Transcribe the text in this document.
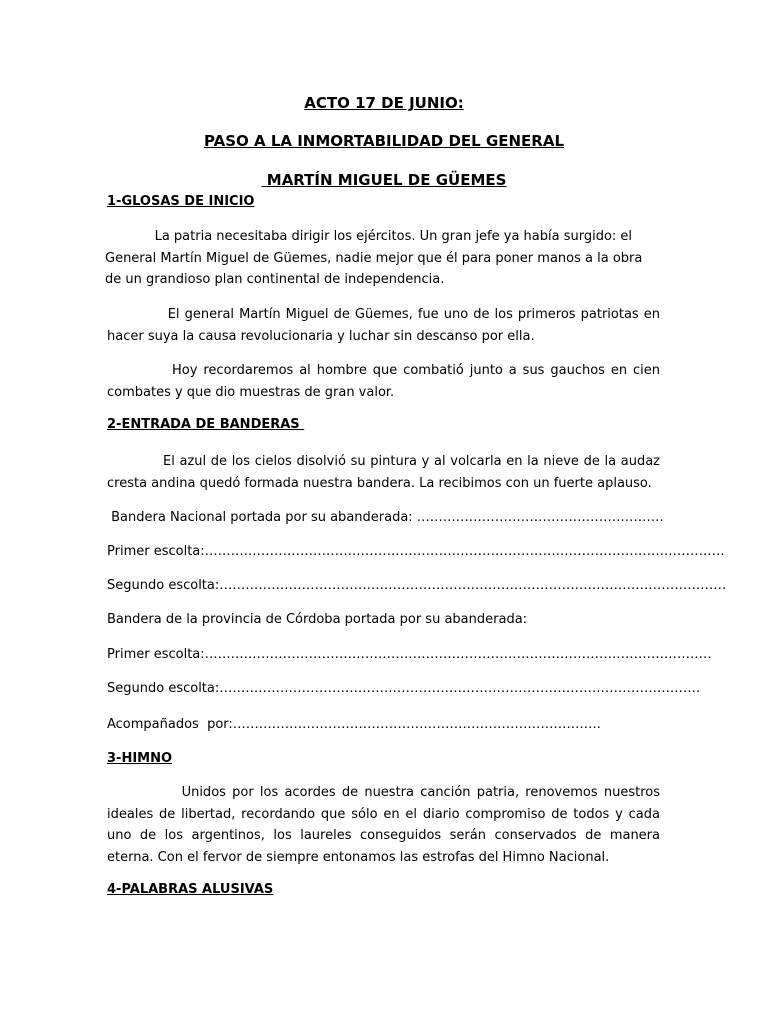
ACTO 17 DE JUNIO:
PASO A LA INMORTABILIDAD DEL GENERAL
MARTÍN MIGUEL DE GÜEMES
1-GLOSAS DE INICIO

La patria necesitaba dirigir los ejércitos. Un gran jefe ya había surgido: el General Martín Miguel de Güemes, nadie mejor que él para poner manos a la obra de un grandioso plan continental de independencia.

El general Martín Miguel de Güemes, fue uno de los primeros patriotas en hacer suya la causa revolucionaria y luchar sin descanso por ella.

Hoy recordaremos al hombre que combatió junto a sus gauchos en cien combates y que dio muestras de gran valor.

2-ENTRADA DE BANDERAS

El azul de los cielos disolvió su pintura y al volcarla en la nieve de la audaz cresta andina quedó formada nuestra bandera. La recibimos con un fuerte aplauso.

Bandera Nacional portada por su abanderada: …………………………………………………

Primer escolta:…………………………………………………………………………………………………………

Segundo escolta:………………………………………………………………………………………………………

Bandera de la provincia de Córdoba portada por su abanderada:

Primer escolta:………………………………………………………………………………………………………

Segundo escolta:…………………………………………………………………………………………………

Acompañados  por:………………………………………………………………………….

3-HIMNO

Unidos por los acordes de nuestra canción patria, renovemos nuestros ideales de libertad, recordando que sólo en el diario compromiso de todos y cada uno de los argentinos, los laureles conseguidos serán conservados de manera eterna. Con el fervor de siempre entonamos las estrofas del Himno Nacional.

4-PALABRAS ALUSIVAS
